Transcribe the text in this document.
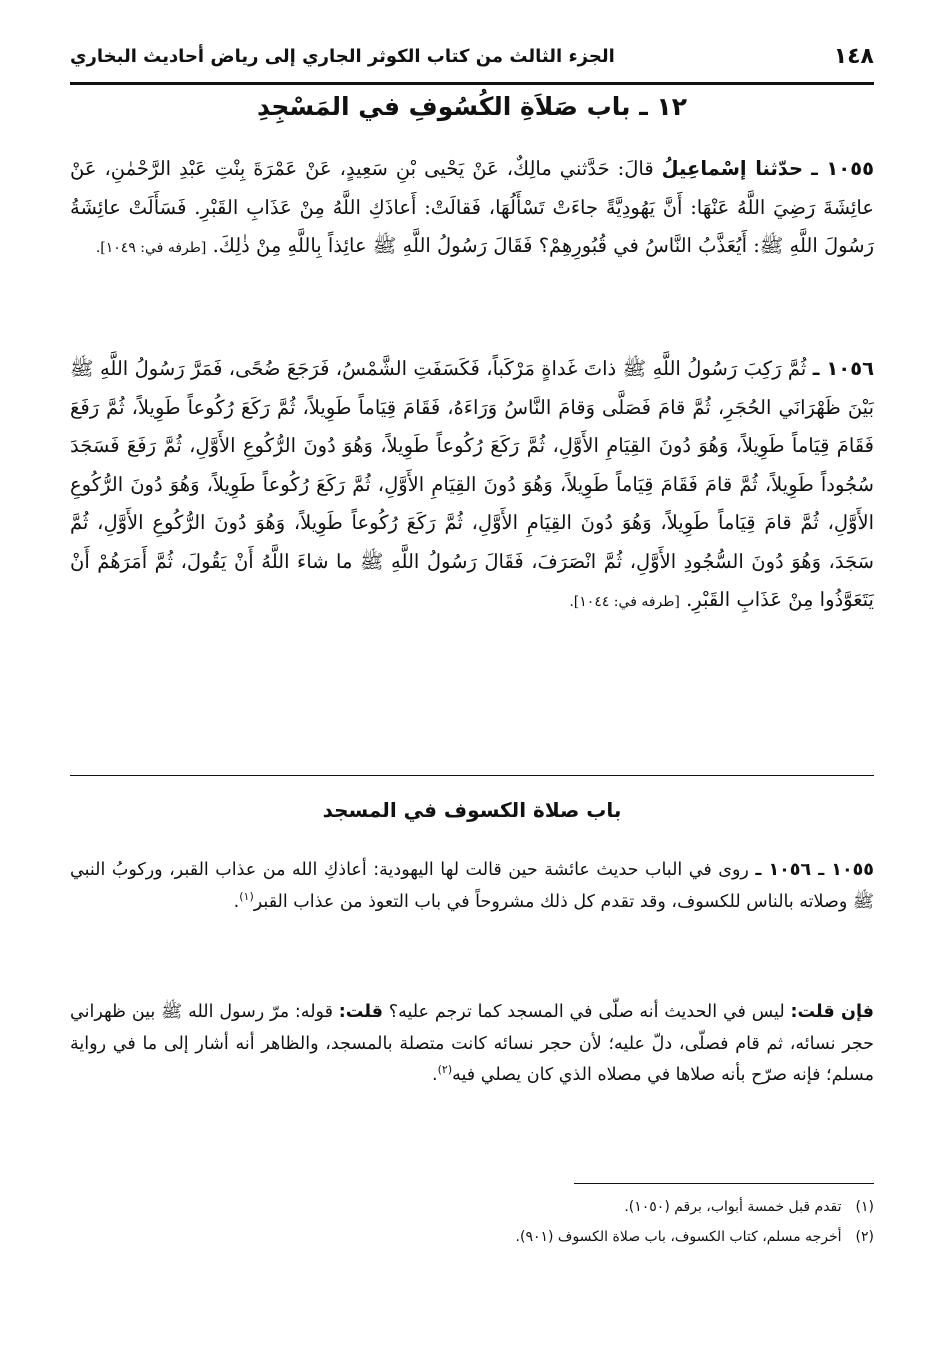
١٤٨
الجزء الثالث من كتاب الكوثر الجاري إلى رياض أحاديث البخاري
١٢ ـ باب صَلاَةِ الكُسُوفِ في المَسْجِدِ

١٠٥٥ ـ حدّثنا إسْماعِيلُ قالَ: حَدَّثني مالِكٌ، عَنْ يَحْيى بْنِ سَعِيدٍ، عَنْ عَمْرَةَ بِنْتِ عَبْدِ الرَّحْمٰنِ، عَنْ عائِشَةَ رَضِيَ اللَّهُ عَنْهَا: أَنَّ يَهُودِيَّةً جاءَتْ تَسْأَلُهَا، فَقالَتْ: أَعاذَكِ اللَّهُ مِنْ عَذَابِ القَبْرِ. فَسَأَلَتْ عائِشَةُ رَسُولَ اللَّهِ ﷺ: أَيُعَذَّبُ النَّاسُ في قُبُورِهِمْ؟ فَقَالَ رَسُولُ اللَّهِ ﷺ عائِذاً بِاللَّهِ مِنْ ذٰلِكَ. [طرفه في: ١٠٤٩].

١٠٥٦ ـ ثُمَّ رَكِبَ رَسُولُ اللَّهِ ﷺ ذاتَ غَداةٍ مَرْكَباً، فَكَسَفَتِ الشَّمْسُ، فَرَجَعَ ضُحًى، فَمَرَّ رَسُولُ اللَّهِ ﷺ بَيْنَ ظَهْرَانَي الحُجَرِ، ثُمَّ قامَ فَصَلَّى وَقامَ النَّاسُ وَرَاءَهُ، فَقَامَ قِيَاماً طَوِيلاً، ثُمَّ رَكَعَ رُكُوعاً طَوِيلاً، ثُمَّ رَفَعَ فَقَامَ قِيَاماً طَوِيلاً، وَهُوَ دُونَ القِيَامِ الأَوَّلِ، ثُمَّ رَكَعَ رُكُوعاً طَوِيلاً، وَهُوَ دُونَ الرُّكُوعِ الأَوَّلِ، ثُمَّ رَفَعَ فَسَجَدَ سُجُوداً طَوِيلاً، ثُمَّ قامَ فَقَامَ قِيَاماً طَوِيلاً، وَهُوَ دُونَ القِيَامِ الأَوَّلِ، ثُمَّ رَكَعَ رُكُوعاً طَوِيلاً، وَهُوَ دُونَ الرُّكُوعِ الأَوَّلِ، ثُمَّ قامَ قِيَاماً طَوِيلاً، وَهُوَ دُونَ القِيَامِ الأَوَّلِ، ثُمَّ رَكَعَ رُكُوعاً طَوِيلاً، وَهُوَ دُونَ الرُّكُوعِ الأَوَّلِ، ثُمَّ سَجَدَ، وَهُوَ دُونَ السُّجُودِ الأَوَّلِ، ثُمَّ انْصَرَفَ، فَقَالَ رَسُولُ اللَّهِ ﷺ ما شاءَ اللَّهُ أَنْ يَقُولَ، ثُمَّ أَمَرَهُمْ أَنْ يَتَعَوَّذُوا مِنْ عَذَابِ القَبْرِ. [طرفه في: ١٠٤٤].

باب صلاة الكسوف في المسجد

١٠٥٥ ـ ١٠٥٦ ـ روى في الباب حديث عائشة حين قالت لها اليهودية: أعاذكِ الله من عذاب القبر، وركوبُ النبي ﷺ وصلاته بالناس للكسوف، وقد تقدم كل ذلك مشروحاً في باب التعوذ من عذاب القبر$^{(١)}$.

فإن قلت: ليس في الحديث أنه صلّى في المسجد كما ترجم عليه؟ قلت: قوله: مرّ رسول الله ﷺ بين ظهراني حجر نسائه، ثم قام فصلّى، دلّ عليه؛ لأن حجر نسائه كانت متصلة بالمسجد، والظاهر أنه أشار إلى ما في رواية مسلم؛ فإنه صرّح بأنه صلاها في مصلاه الذي كان يصلي فيه$^{(٢)}$.

(١)تقدم قبل خمسة أبواب، برقم (١٠٥٠).
(٢)أخرجه مسلم، كتاب الكسوف، باب صلاة الكسوف (٩٠١).
